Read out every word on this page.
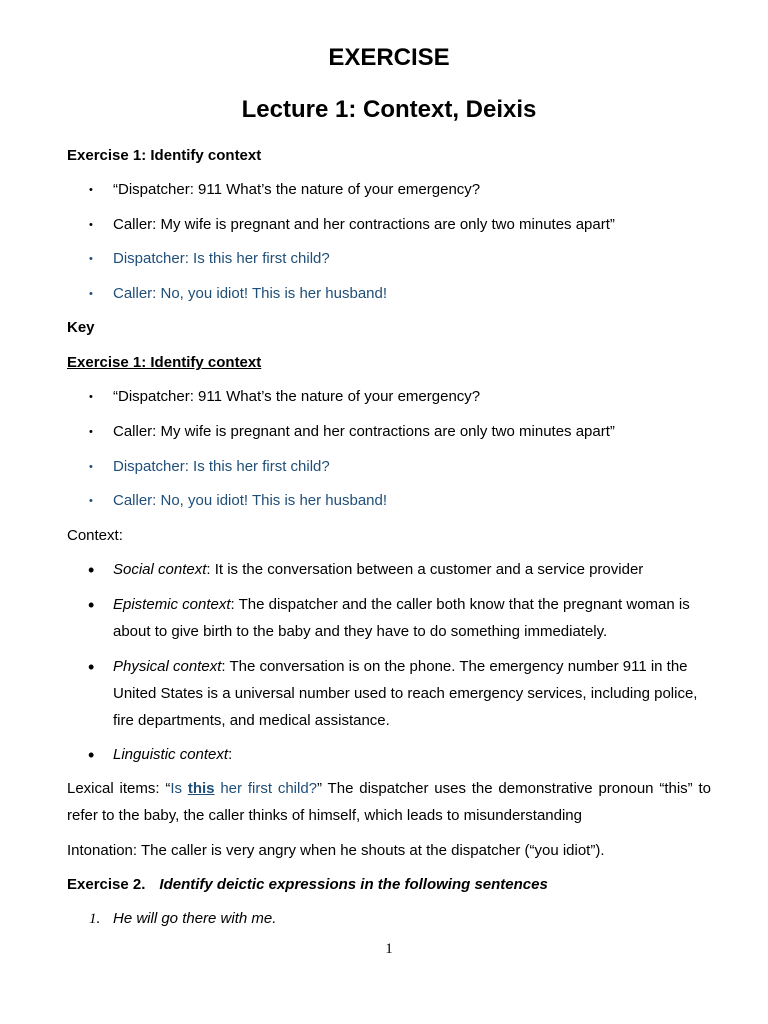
EXERCISE
Lecture 1: Context, Deixis
Exercise 1: Identify context
• “Dispatcher: 911 What’s the nature of your emergency?
• Caller: My wife is pregnant and her contractions are only two minutes apart”
• Dispatcher: Is this her first child?
• Caller: No, you idiot! This is her husband!
Key
Exercise 1: Identify context
• “Dispatcher: 911 What’s the nature of your emergency?
• Caller: My wife is pregnant and her contractions are only two minutes apart”
• Dispatcher: Is this her first child?
• Caller: No, you idiot! This is her husband!
Context:
• Social context: It is the conversation between a customer and a service provider
• Epistemic context: The dispatcher and the caller both know that the pregnant woman is about to give birth to the baby and they have to do something immediately.
• Physical context: The conversation is on the phone. The emergency number 911 in the United States is a universal number used to reach emergency services, including police, fire departments, and medical assistance.
• Linguistic context:
Lexical items: “Is this her first child?” The dispatcher uses the demonstrative pronoun “this” to refer to the baby, the caller thinks of himself, which leads to misunderstanding
Intonation: The caller is very angry when he shouts at the dispatcher (“you idiot”).
Exercise 2. Identify deictic expressions in the following sentences
1. He will go there with me.
1
